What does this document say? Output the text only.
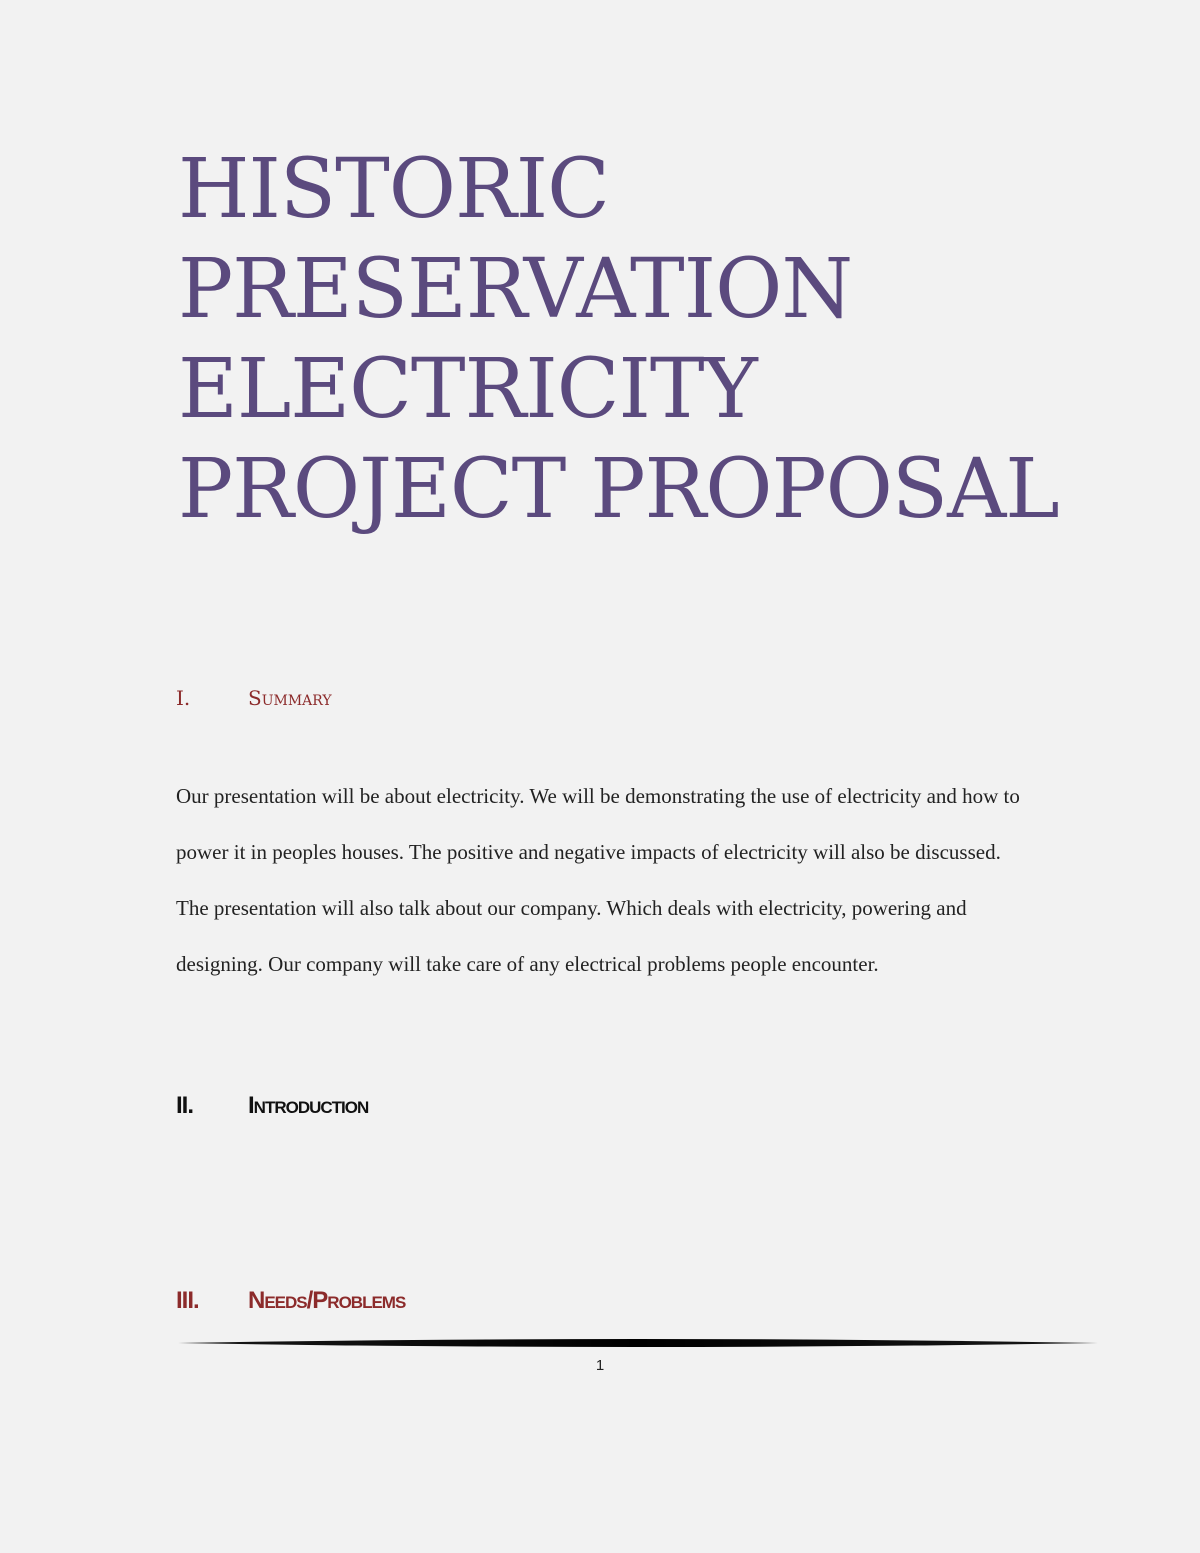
HISTORIC
PRESERVATION
ELECTRICITY
PROJECT PROPOSAL
I.	Summary

Our presentation will be about electricity. We will be demonstrating the use of electricity and how to power it in peoples houses. The positive and negative impacts of electricity will also be discussed. The presentation will also talk about our company. Which deals with electricity, powering and designing. Our company will take care of any electrical problems people encounter.

II. Introduction
III. Needs/Problems
1
